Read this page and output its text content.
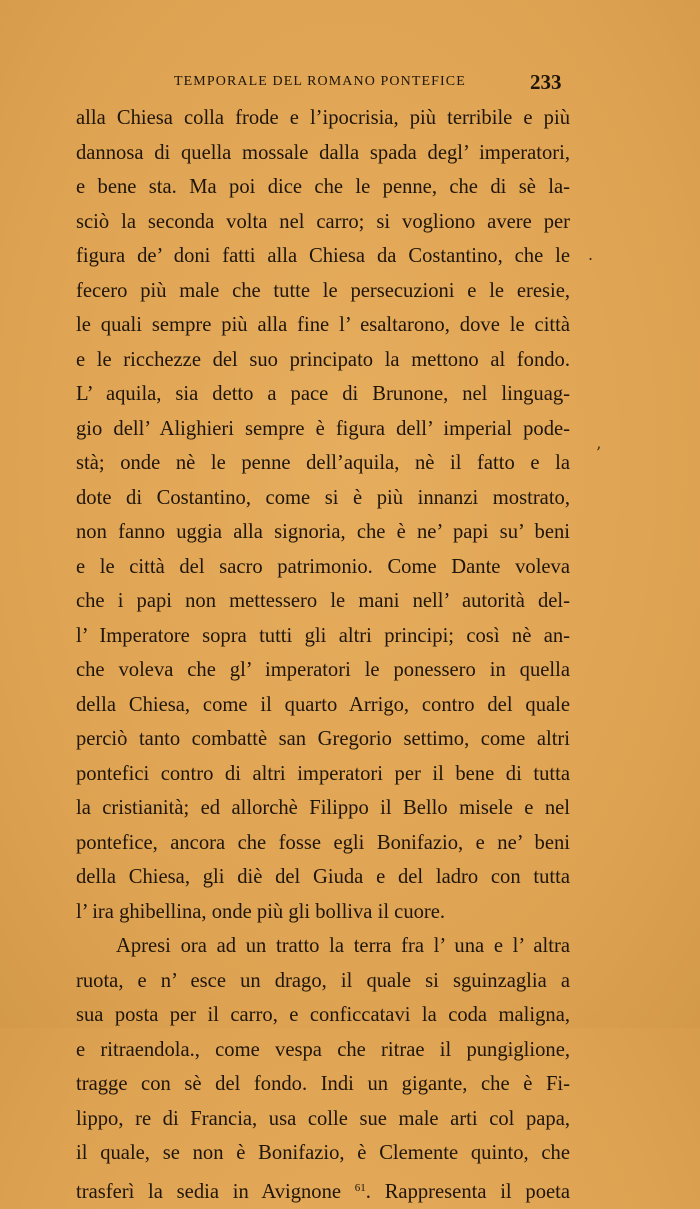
TEMPORALE DEL ROMANO PONTEFICE	233
alla Chiesa colla frode e l’ipocrisia, più terribile e più
dannosa di quella mossale dalla spada degl’ imperatori,
e bene sta. Ma poi dice che le penne, che di sè la-
sciò la seconda volta nel carro; si vogliono avere per
figura de’ doni fatti alla Chiesa da Costantino, che le
fecero più male che tutte le persecuzioni e le eresie,
le quali sempre più alla fine l’ esaltarono, dove le città
e le ricchezze del suo principato la mettono al fondo.
L’ aquila, sia detto a pace di Brunone, nel linguag-
gio dell’ Alighieri sempre è figura dell’ imperial pode-
stà; onde nè le penne dell’aquila, nè il fatto e la
dote di Costantino, come si è più innanzi mostrato,
non fanno uggia alla signoria, che è ne’ papi su’ beni
e le città del sacro patrimonio. Come Dante voleva
che i papi non mettessero le mani nell’ autorità del-
l’ Imperatore sopra tutti gli altri principi; così nè an-
che voleva che gl’ imperatori le ponessero in quella
della Chiesa, come il quarto Arrigo, contro del quale
perciò tanto combattè san Gregorio settimo, come altri
pontefici contro di altri imperatori per il bene di tutta
la cristianità; ed allorchè Filippo il Bello misele e nel
pontefice, ancora che fosse egli Bonifazio, e ne’ beni
della Chiesa, gli diè del Giuda e del ladro con tutta
l’ ira ghibellina, onde più gli bolliva il cuore.
Apresi ora ad un tratto la terra fra l’ una e l’ altra
ruota, e n’ esce un drago, il quale si sguinzaglia a
sua posta per il carro, e conficcatavi la coda maligna,
e ritraendola., come vespa che ritrae il pungiglione,
tragge con sè del fondo. Indi un gigante, che è Fi-
lippo, re di Francia, usa colle sue male arti col papa,
il quale, se non è Bonifazio, è Clemente quinto, che
trasferì la sedia in Avignone $^{61}$. Rappresenta il poeta
.
’
